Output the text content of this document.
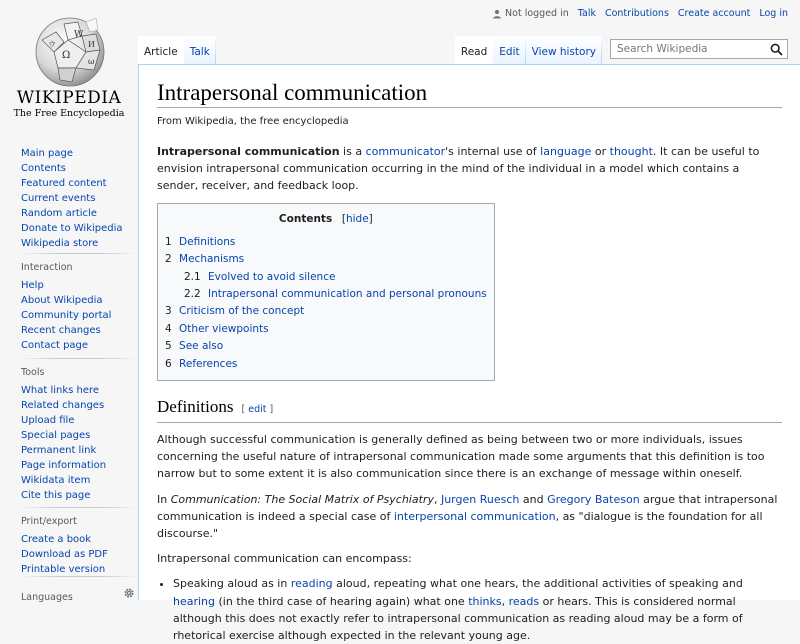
Ω
W
И
ウ
ω
WIKIPEDIA
The Free Encyclopedia
Main page
Contents
Featured content
Current events
Random article
Donate to Wikipedia
Wikipedia store
Interaction
Help
About Wikipedia
Community portal
Recent changes
Contact page
Tools
What links here
Related changes
Upload file
Special pages
Permanent link
Page information
Wikidata item
Cite this page
Print/export
Create a book
Download as PDF
Printable version
Languages
Not logged in Talk Contributions Create account Log in
Article Talk	Read Edit View history
Search Wikipedia
Intrapersonal communication
From Wikipedia, the free encyclopedia

Intrapersonal communication is a communicator's internal use of language or thought. It can be useful to envision intrapersonal communication occurring in the mind of the individual in a model which contains a sender, receiver, and feedback loop.

Contents [hide]
1 Definitions
2 Mechanisms
2.1 Evolved to avoid silence
2.2 Intrapersonal communication and personal pronouns
3 Criticism of the concept
4 Other viewpoints
5 See also
6 References
Definitions [ edit ]

Although successful communication is generally defined as being between two or more individuals, issues concerning the useful nature of intrapersonal communication made some arguments that this definition is too narrow but to some extent it is also communication since there is an exchange of message within oneself.

In Communication: The Social Matrix of Psychiatry, Jurgen Ruesch and Gregory Bateson argue that intrapersonal communication is indeed a special case of interpersonal communication, as "dialogue is the foundation for all discourse."

Intrapersonal communication can encompass:

• Speaking aloud as in reading aloud, repeating what one hears, the additional activities of speaking and hearing (in the third case of hearing again) what one thinks, reads or hears. This is considered normal although this does not exactly refer to intrapersonal communication as reading aloud may be a form of rhetorical exercise although expected in the relevant young age.
